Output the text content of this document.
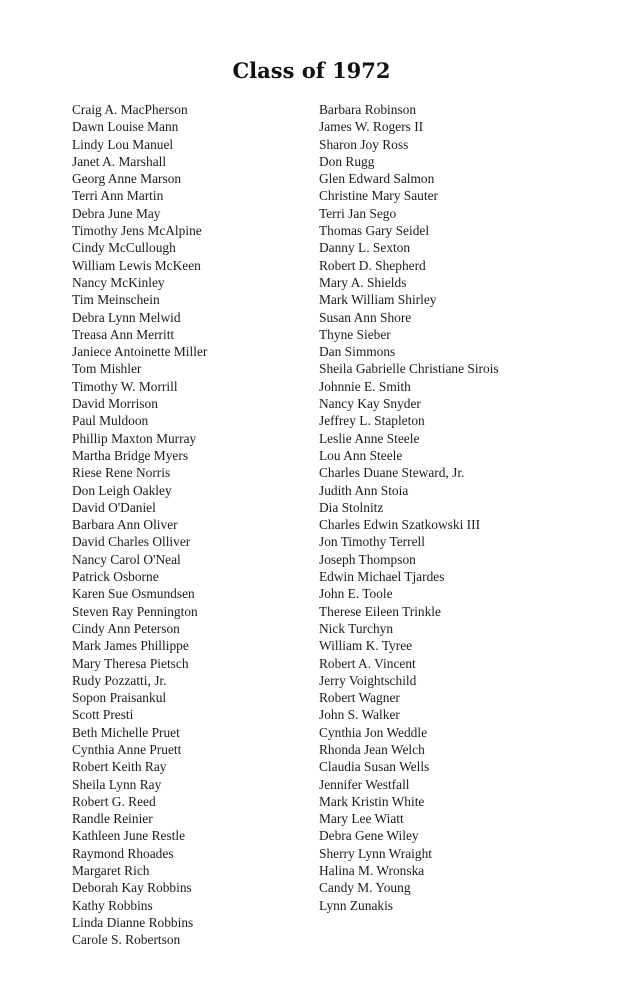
Class of 1972
Craig A. MacPherson
Dawn Louise Mann
Lindy Lou Manuel
Janet A. Marshall
Georg Anne Marson
Terri Ann Martin
Debra June May
Timothy Jens McAlpine
Cindy McCullough
William Lewis McKeen
Nancy McKinley
Tim Meinschein
Debra Lynn Melwid
Treasa Ann Merritt
Janiece Antoinette Miller
Tom Mishler
Timothy W. Morrill
David Morrison
Paul Muldoon
Phillip Maxton Murray
Martha Bridge Myers
Riese Rene Norris
Don Leigh Oakley
David O'Daniel
Barbara Ann Oliver
David Charles Olliver
Nancy Carol O'Neal
Patrick Osborne
Karen Sue Osmundsen
Steven Ray Pennington
Cindy Ann Peterson
Mark James Phillippe
Mary Theresa Pietsch
Rudy Pozzatti, Jr.
Sopon Praisankul
Scott Presti
Beth Michelle Pruet
Cynthia Anne Pruett
Robert Keith Ray
Sheila Lynn Ray
Robert G. Reed
Randle Reinier
Kathleen June Restle
Raymond Rhoades
Margaret Rich
Deborah Kay Robbins
Kathy Robbins
Linda Dianne Robbins
Carole S. Robertson
Barbara Robinson
James W. Rogers II
Sharon Joy Ross
Don Rugg
Glen Edward Salmon
Christine Mary Sauter
Terri Jan Sego
Thomas Gary Seidel
Danny L. Sexton
Robert D. Shepherd
Mary A. Shields
Mark William Shirley
Susan Ann Shore
Thyne Sieber
Dan Simmons
Sheila Gabrielle Christiane Sirois
Johnnie E. Smith
Nancy Kay Snyder
Jeffrey L. Stapleton
Leslie Anne Steele
Lou Ann Steele
Charles Duane Steward, Jr.
Judith Ann Stoia
Dia Stolnitz
Charles Edwin Szatkowski III
Jon Timothy Terrell
Joseph Thompson
Edwin Michael Tjardes
John E. Toole
Therese Eileen Trinkle
Nick Turchyn
William K. Tyree
Robert A. Vincent
Jerry Voightschild
Robert Wagner
John S. Walker
Cynthia Jon Weddle
Rhonda Jean Welch
Claudia Susan Wells
Jennifer Westfall
Mark Kristin White
Mary Lee Wiatt
Debra Gene Wiley
Sherry Lynn Wraight
Halina M. Wronska
Candy M. Young
Lynn Zunakis
